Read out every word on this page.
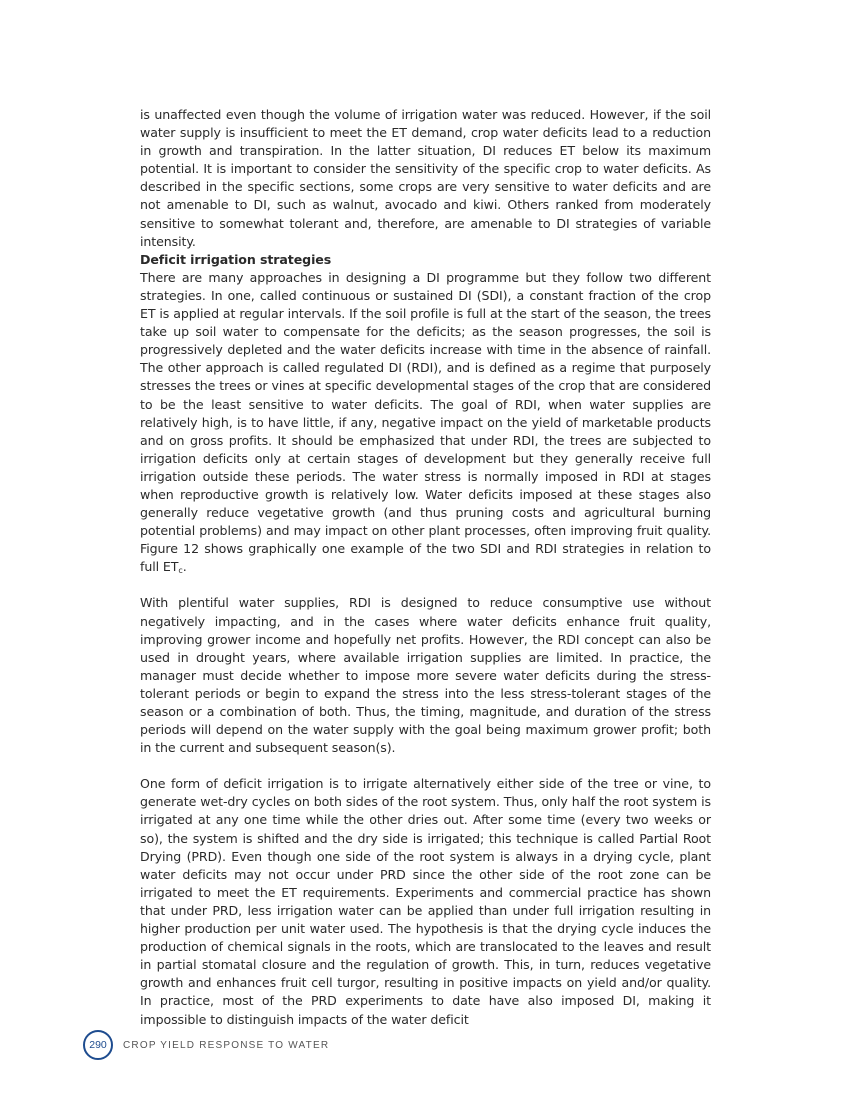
is unaffected even though the volume of irrigation water was reduced. However, if the soil water supply is insufficient to meet the ET demand, crop water deficits lead to a reduction in growth and transpiration. In the latter situation, DI reduces ET below its maximum potential. It is important to consider the sensitivity of the specific crop to water deficits. As described in the specific sections, some crops are very sensitive to water deficits and are not amenable to DI, such as walnut, avocado and kiwi. Others ranked from moderately sensitive to somewhat tolerant and, therefore, are amenable to DI strategies of variable intensity.

Deficit irrigation strategies

There are many approaches in designing a DI programme but they follow two different strategies. In one, called continuous or sustained DI (SDI), a constant fraction of the crop ET is applied at regular intervals. If the soil profile is full at the start of the season, the trees take up soil water to compensate for the deficits; as the season progresses, the soil is progressively depleted and the water deficits increase with time in the absence of rainfall. The other approach is called regulated DI (RDI), and is defined as a regime that purposely stresses the trees or vines at specific developmental stages of the crop that are considered to be the least sensitive to water deficits. The goal of RDI, when water supplies are relatively high, is to have little, if any, negative impact on the yield of marketable products and on gross profits. It should be emphasized that under RDI, the trees are subjected to irrigation deficits only at certain stages of development but they generally receive full irrigation outside these periods. The water stress is normally imposed in RDI at stages when reproductive growth is relatively low. Water deficits imposed at these stages also generally reduce vegetative growth (and thus pruning costs and agricultural burning potential problems) and may impact on other plant processes, often improving fruit quality. Figure 12 shows graphically one example of the two SDI and RDI strategies in relation to full $ET_c$.

With plentiful water supplies, RDI is designed to reduce consumptive use without negatively impacting, and in the cases where water deficits enhance fruit quality, improving grower income and hopefully net profits. However, the RDI concept can also be used in drought years, where available irrigation supplies are limited. In practice, the manager must decide whether to impose more severe water deficits during the stress-tolerant periods or begin to expand the stress into the less stress-tolerant stages of the season or a combination of both. Thus, the timing, magnitude, and duration of the stress periods will depend on the water supply with the goal being maximum grower profit; both in the current and subsequent season(s).

One form of deficit irrigation is to irrigate alternatively either side of the tree or vine, to generate wet-dry cycles on both sides of the root system. Thus, only half the root system is irrigated at any one time while the other dries out. After some time (every two weeks or so), the system is shifted and the dry side is irrigated; this technique is called Partial Root Drying (PRD). Even though one side of the root system is always in a drying cycle, plant water deficits may not occur under PRD since the other side of the root zone can be irrigated to meet the ET requirements. Experiments and commercial practice has shown that under PRD, less irrigation water can be applied than under full irrigation resulting in higher production per unit water used. The hypothesis is that the drying cycle induces the production of chemical signals in the roots, which are translocated to the leaves and result in partial stomatal closure and the regulation of growth. This, in turn, reduces vegetative growth and enhances fruit cell turgor, resulting in positive impacts on yield and/or quality. In practice, most of the PRD experiments to date have also imposed DI, making it impossible to distinguish impacts of the water deficit

290 CROP YIELD RESPONSE TO WATER
